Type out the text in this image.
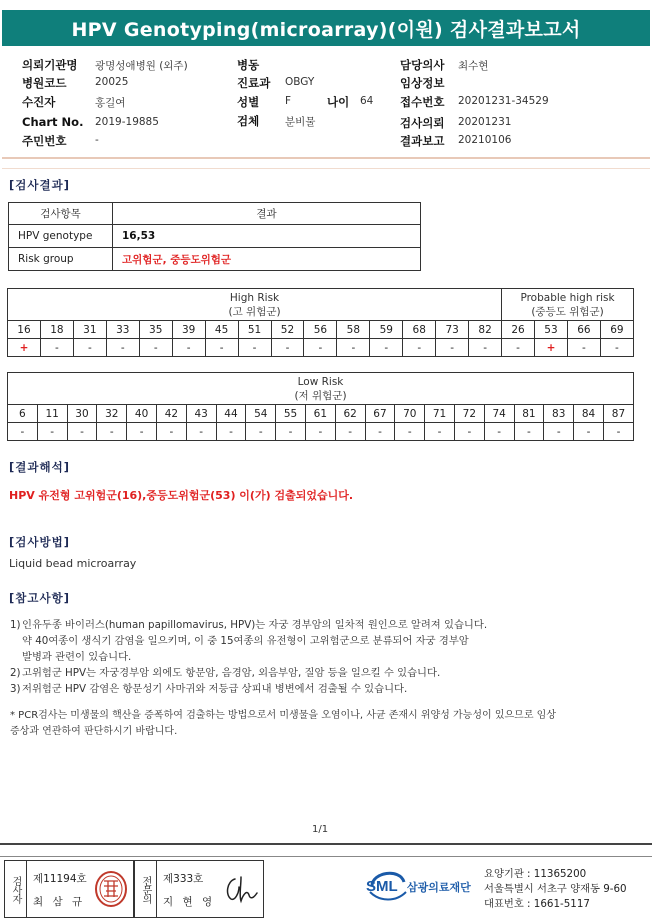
HPV Genotyping(microarray)(이원) 검사결과보고서
의뢰기관명 광명성애병원 (외주)
병원코드	20025
수진자	홍길여
Chart No. 2019-19885
주민번호	-
병동
진료과 OBGY
성별 F	나이 64
검체 분비물
담당의사 최수현
임상정보
접수번호 20201231-34529
검사의뢰 20201231
결과보고 20210106
[검사결과]
검사항목	결과
HPV genotype	16,53
Risk group	고위험군, 중등도위험군
High Risk
(고 위험군)															Probable high risk
(중등도 위험군)			
16	18	31	33	35	39	45	51	52	56	58	59	68	73	82	26	53	66	69
+	-	-	-	-	-	-	-	-	-	-	-	-	-	-	-	+	-	-
Low Risk
(저 위험군)																				
6	11	30	32	40	42	43	44	54	55	61	62	67	70	71	72	74	81	83	84	87
-	-	-	-	-	-	-	-	-	-	-	-	-	-	-	-	-	-	-	-	-
[결과해석]
HPV 유전형 고위험군(16),중등도위험군(53) 이(가) 검출되었습니다.
[검사방법]
Liquid bead microarray
[참고사항]
1) 인유두종 바이러스(human papillomavirus, HPV)는 자궁 경부암의 일차적 원인으로 알려져 있습니다.
약 40여종이 생식기 감염을 일으키며, 이 중 15여종의 유전형이 고위험군으로 분류되어 자궁 경부암
발병과 관련이 있습니다.
2) 고위험군 HPV는 자궁경부암 외에도 항문암, 음경암, 외음부암, 질암 등을 일으킬 수 있습니다.
3) 저위험군 HPV 감염은 항문성기 사마귀와 저등급 상피내 병변에서 검출될 수 있습니다.
* PCR검사는 미생물의 핵산을 증폭하여 검출하는 방법으로서 미생물을 오염이나, 사균 존재시 위양성 가능성이 있으므로 임상
증상과 연관하여 판단하시기 바랍니다.
1/1
검사자	제11194호
최 삼 규	전문의	제333호
지 현 영
SML 삼광의료재단
요양기관 : 11365200
서울특별시 서초구 양재동 9-60
대표번호 : 1661-5117
